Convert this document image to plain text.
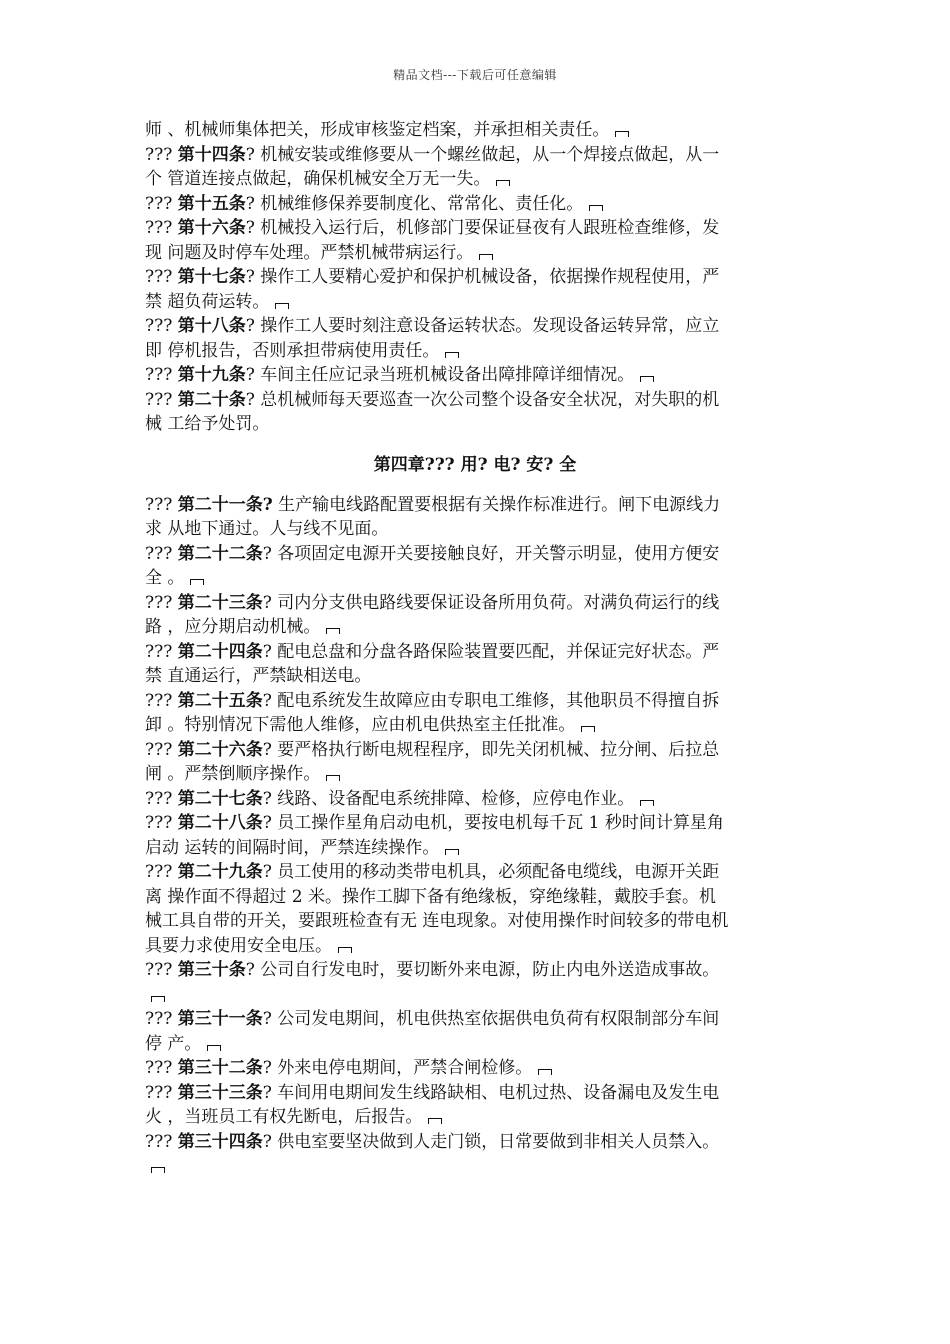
精品文档---下载后可任意编辑
师 、机械师集体把关，形成审核鉴定档案，并承担相关责任。
??? 第十四条? 机械安装或维修要从一个螺丝做起，从一个焊接点做起，从一
个 管道连接点做起，确保机械安全万无一失。
??? 第十五条? 机械维修保养要制度化、常常化、责任化。
??? 第十六条? 机械投入运行后，机修部门要保证昼夜有人跟班检查维修，发
现 问题及时停车处理。严禁机械带病运行。
??? 第十七条? 操作工人要精心爱护和保护机械设备，依据操作规程使用，严
禁 超负荷运转。
??? 第十八条? 操作工人要时刻注意设备运转状态。发现设备运转异常，应立
即 停机报告，否则承担带病使用责任。
??? 第十九条? 车间主任应记录当班机械设备出障排障详细情况。
??? 第二十条? 总机械师每天要巡查一次公司整个设备安全状况，对失职的机
械 工给予处罚。
第四章??? 用? 电? 安? 全
??? 第二十一条? 生产输电线路配置要根据有关操作标准进行。闸下电源线力
求 从地下通过。人与线不见面。
??? 第二十二条? 各项固定电源开关要接触良好，开关警示明显，使用方便安
全 。
??? 第二十三条? 司内分支供电路线要保证设备所用负荷。对满负荷运行的线
路 ，应分期启动机械。
??? 第二十四条? 配电总盘和分盘各路保险装置要匹配，并保证完好状态。严
禁 直通运行，严禁缺相送电。
??? 第二十五条? 配电系统发生故障应由专职电工维修，其他职员不得擅自拆
卸 。特别情况下需他人维修，应由机电供热室主任批准。
??? 第二十六条? 要严格执行断电规程程序，即先关闭机械、拉分闸、后拉总
闸 。严禁倒顺序操作。
??? 第二十七条? 线路、设备配电系统排障、检修，应停电作业。
??? 第二十八条? 员工操作星角启动电机，要按电机每千瓦 1 秒时间计算星角
启动 运转的间隔时间，严禁连续操作。
??? 第二十九条? 员工使用的移动类带电机具，必须配备电缆线，电源开关距
离 操作面不得超过 2 米。操作工脚下备有绝缘板，穿绝缘鞋，戴胶手套。机
械工具自带的开关，要跟班检查有无 连电现象。对使用操作时间较多的带电机
具要力求使用安全电压。
??? 第三十条? 公司自行发电时，要切断外来电源，防止内电外送造成事故。
??? 第三十一条? 公司发电期间，机电供热室依据供电负荷有权限制部分车间
停 产。
??? 第三十二条? 外来电停电期间，严禁合闸检修。
??? 第三十三条? 车间用电期间发生线路缺相、电机过热、设备漏电及发生电
火 ，当班员工有权先断电，后报告。
??? 第三十四条? 供电室要坚决做到人走门锁，日常要做到非相关人员禁入。
